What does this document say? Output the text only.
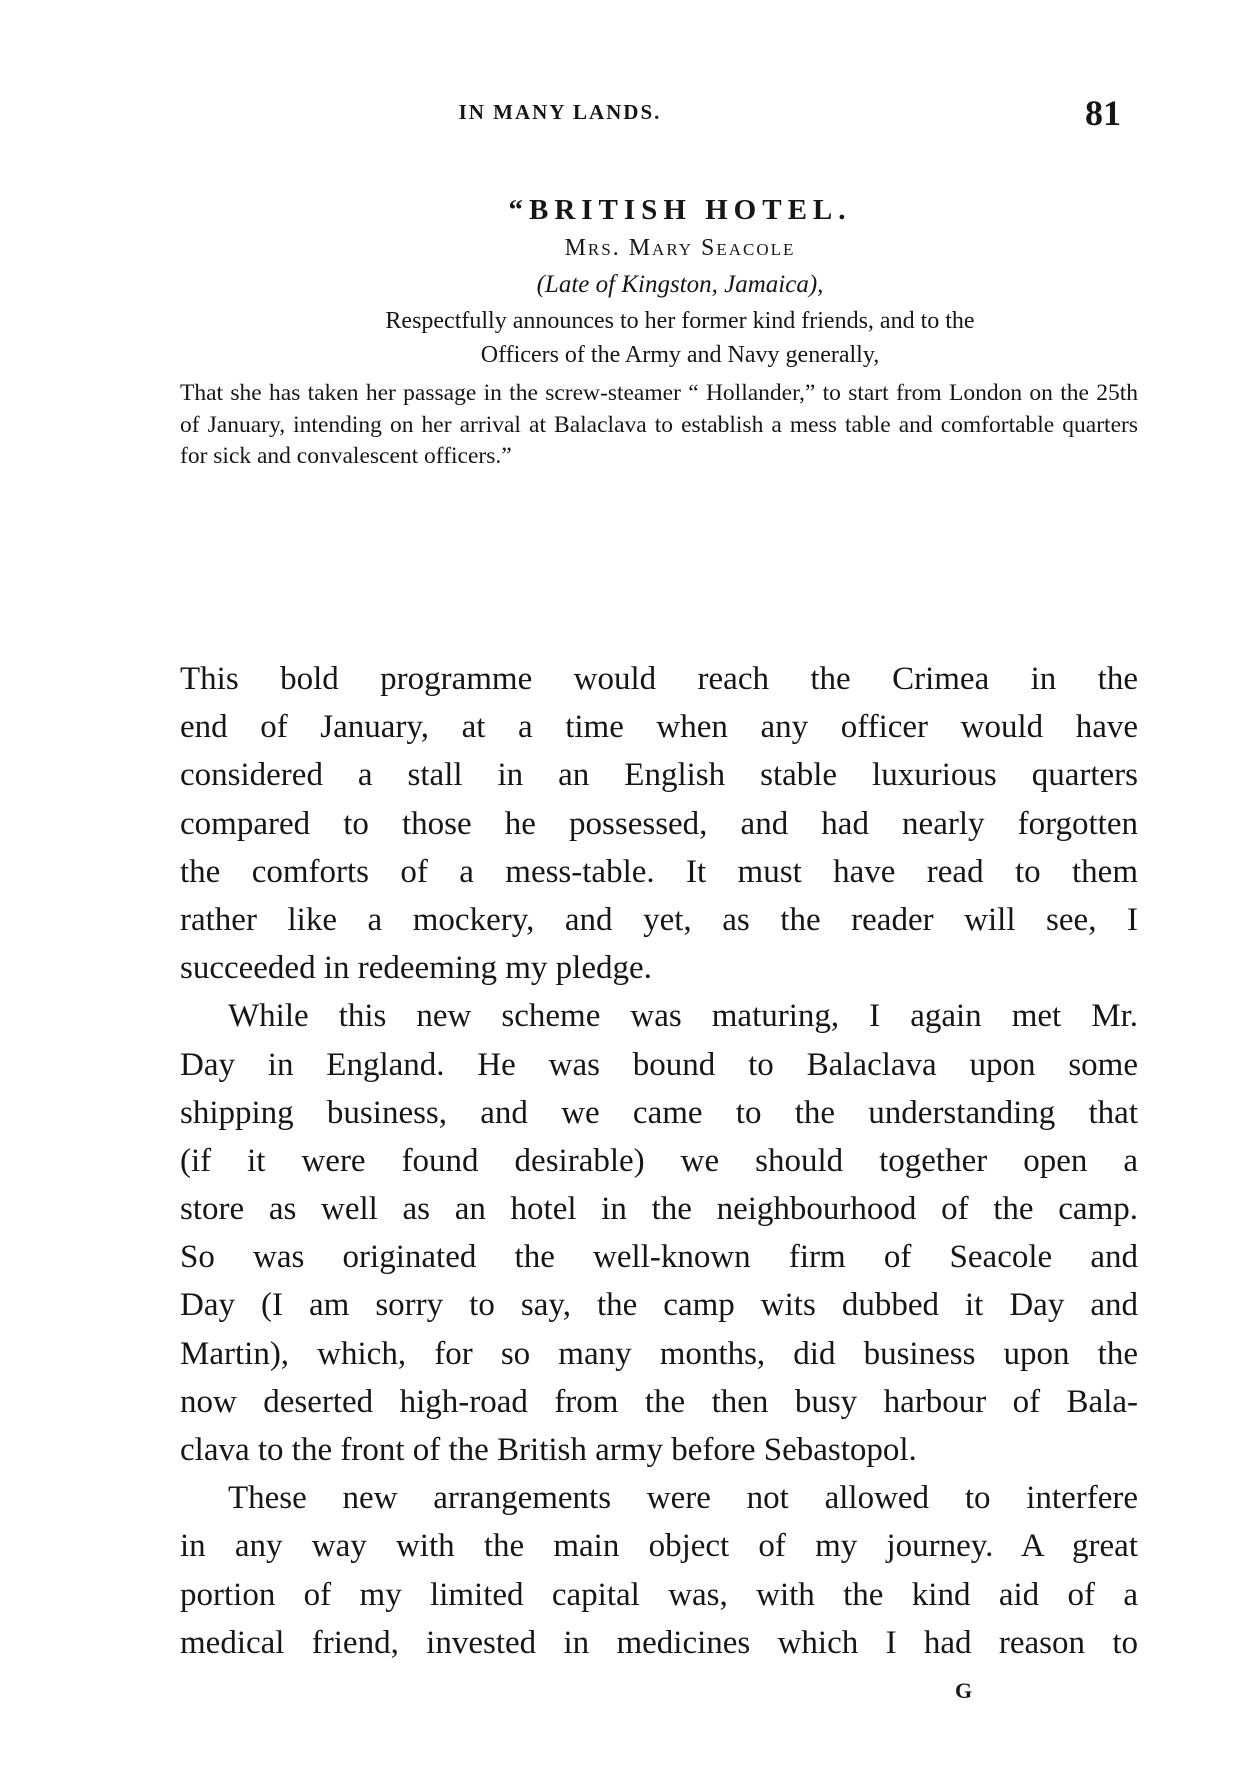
IN MANY LANDS.	81
“BRITISH HOTEL.
Mrs. Mary Seacole
(Late of Kingston, Jamaica),
Respectfully announces to her former kind friends, and to the
Officers of the Army and Navy generally,
That she has taken her passage in the screw-steamer “ Hollander,” to start from London on the 25th of January, intending on her arrival at Balaclava to establish a mess table and comfortable quarters for sick and convalescent officers.”
This bold programme would reach the Crimea in the
end of January, at a time when any officer would have
considered a stall in an English stable luxurious quarters
compared to those he possessed, and had nearly forgotten
the comforts of a mess-table. It must have read to them
rather like a mockery, and yet, as the reader will see, I
succeeded in redeeming my pledge.
While this new scheme was maturing, I again met Mr.
Day in England. He was bound to Balaclava upon some
shipping business, and we came to the understanding that
(if it were found desirable) we should together open a
store as well as an hotel in the neighbourhood of the camp.
So was originated the well-known firm of Seacole and
Day (I am sorry to say, the camp wits dubbed it Day and
Martin), which, for so many months, did business upon the
now deserted high-road from the then busy harbour of Bala-
clava to the front of the British army before Sebastopol.
These new arrangements were not allowed to interfere
in any way with the main object of my journey. A great
portion of my limited capital was, with the kind aid of a
medical friend, invested in medicines which I had reason to
G
